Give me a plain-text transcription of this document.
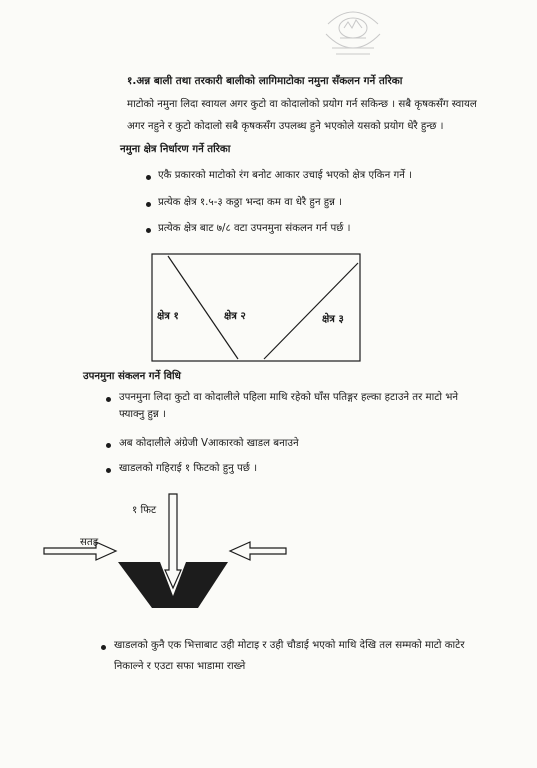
१.अन्न बाली तथा तरकारी बालीको लागिमाटोका नमुना सँकलन गर्ने तरिका
माटोको नमुना लिदा स्वायल अगर कुटो वा कोदालोको प्रयोग गर्न सकिन्छ । सबै कृषकसँग स्वायल
अगर नहुने र कुटो कोदालो सबै कृषकसँग उपलब्ध हुने भएकोले यसको प्रयोग धेरै हुन्छ ।
नमुना क्षेत्र निर्धारण गर्ने तरिका
एकै प्रकारको माटोको रंग बनोट आकार उचाई भएको क्षेत्र एकिन गर्ने ।
प्रत्येक क्षेत्र १.५-३ कठ्ठा भन्दा कम वा धेरै हुन हुन्न ।
प्रत्येक क्षेत्र बाट ७/८ वटा उपनमुना संकलन गर्न पर्छ ।
क्षेत्र १	क्षेत्र २	क्षेत्र ३
उपनमुना संकलन गर्ने विधि
उपनमुना लिदा कुटो वा कोदालीले पहिला माथि रहेको घाँस पतिङ्गर हल्का हटाउने तर माटो भने
फ्याक्नु हुन्न ।
अब कोदालीले अंग्रेजी Vआकारको खाडल बनाउने
खाडलको गहिराई १ फिटको हुनु पर्छ ।
१ फिट
सतह
खाडलको कुनै एक भित्ताबाट उही मोटाइ र उही चौडाई भएको माथि देखि तल सम्मको माटो काटेर
निकाल्ने र एउटा सफा भाडामा राख्ने
